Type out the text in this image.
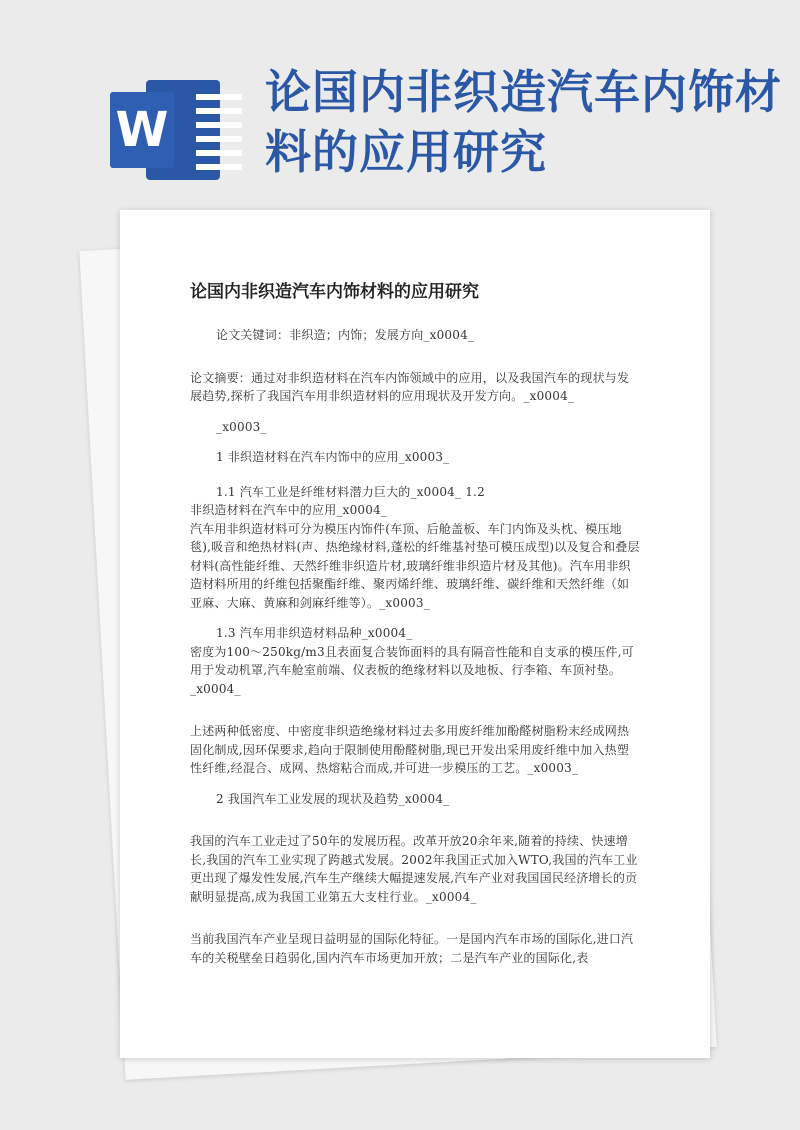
W
论国内非织造汽车内饰材料的应用研究
论国内非织造汽车内饰材料的应用研究

论文关键词：非织造；内饰；发展方向_x0004_

论文摘要：通过对非织造材料在汽车内饰领域中的应用，以及我国汽车的现状与发展趋势,探析了我国汽车用非织造材料的应用现状及开发方向。_x0004_

_x0003_

1 非织造材料在汽车内饰中的应用_x0003_

1.1 汽车工业是纤维材料潜力巨大的_x0004_ 1.2

非织造材料在汽车中的应用_x0004_

汽车用非织造材料可分为模压内饰件(车顶、后舱盖板、车门内饰及头枕、模压地毯),吸音和绝热材料(声、热绝缘材料,蓬松的纤维基衬垫可模压成型)以及复合和叠层材料(高性能纤维、天然纤维非织造片材,玻璃纤维非织造片材及其他)。汽车用非织造材料所用的纤维包括聚酯纤维、聚丙烯纤维、玻璃纤维、碳纤维和天然纤维（如亚麻、大麻、黄麻和剑麻纤维等）。_x0003_

1.3 汽车用非织造材料品种_x0004_

密度为100～250kg/m3且表面复合装饰面料的具有隔音性能和自支承的模压件,可用于发动机罩,汽车舱室前端、仪表板的绝缘材料以及地板、行李箱、车顶衬垫。_x0004_

上述两种低密度、中密度非织造绝缘材料过去多用废纤维加酚醛树脂粉末经成网热固化制成,因环保要求,趋向于限制使用酚醛树脂,现已开发出采用废纤维中加入热塑性纤维,经混合、成网、热熔粘合而成,并可进一步模压的工艺。_x0003_

2 我国汽车工业发展的现状及趋势_x0004_

我国的汽车工业走过了50年的发展历程。改革开放20余年来,随着的持续、快速增长,我国的汽车工业实现了跨越式发展。2002年我国正式加入WTO,我国的汽车工业更出现了爆发性发展,汽车生产继续大幅提速发展,汽车产业对我国国民经济增长的贡献明显提高,成为我国工业第五大支柱行业。_x0004_

当前我国汽车产业呈现日益明显的国际化特征。一是国内汽车市场的国际化,进口汽车的关税壁垒日趋弱化,国内汽车市场更加开放；二是汽车产业的国际化,表
